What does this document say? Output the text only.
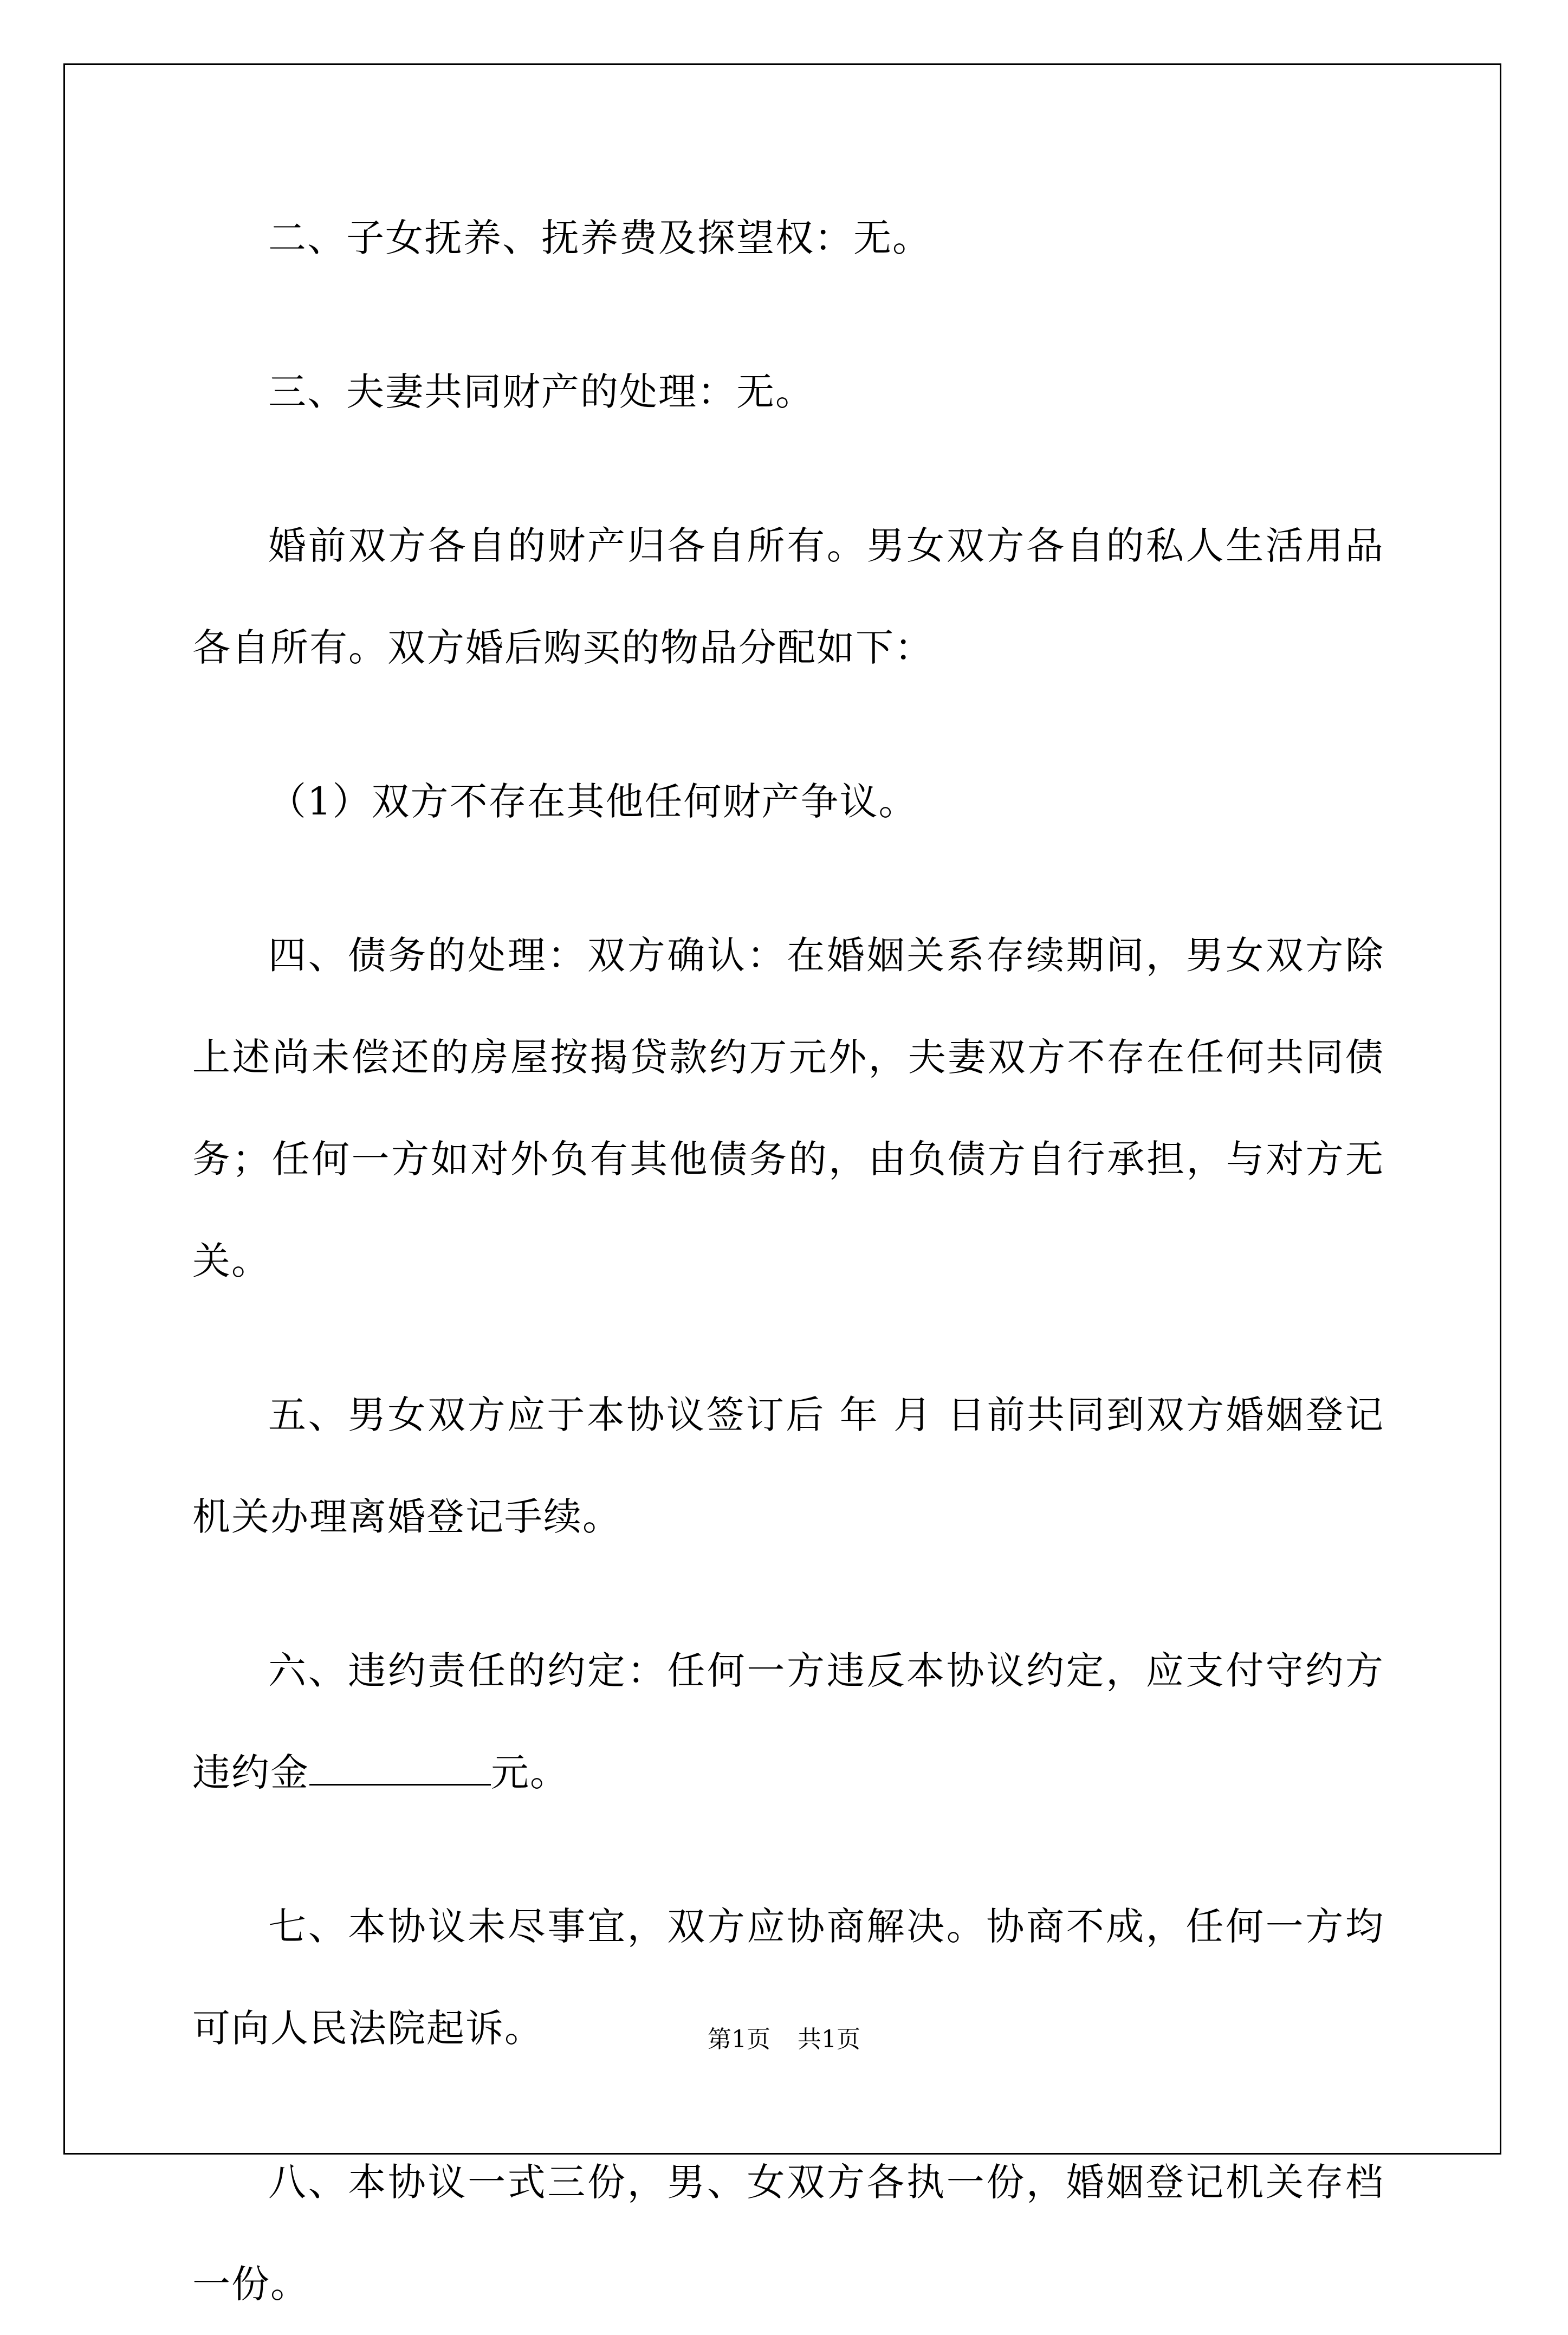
二、子女抚养、抚养费及探望权：无。

三、夫妻共同财产的处理：无。

婚前双方各自的财产归各自所有。男女双方各自的私人生活用品各自所有。双方婚后购买的物品分配如下：

（1）双方不存在其他任何财产争议。

四、债务的处理：双方确认：在婚姻关系存续期间，男女双方除上述尚未偿还的房屋按揭贷款约万元外，夫妻双方不存在任何共同债务；任何一方如对外负有其他债务的，由负债方自行承担，与对方无关。

五、男女双方应于本协议签订后 年 月 日前共同到双方婚姻登记机关办理离婚登记手续。

六、违约责任的约定：任何一方违反本协议约定，应支付守约方违约金	元。

七、本协议未尽事宜，双方应协商解决。协商不成，任何一方均可向人民法院起诉。

八、本协议一式三份，男、女双方各执一份，婚姻登记机关存档一份。

第1页 共1页
